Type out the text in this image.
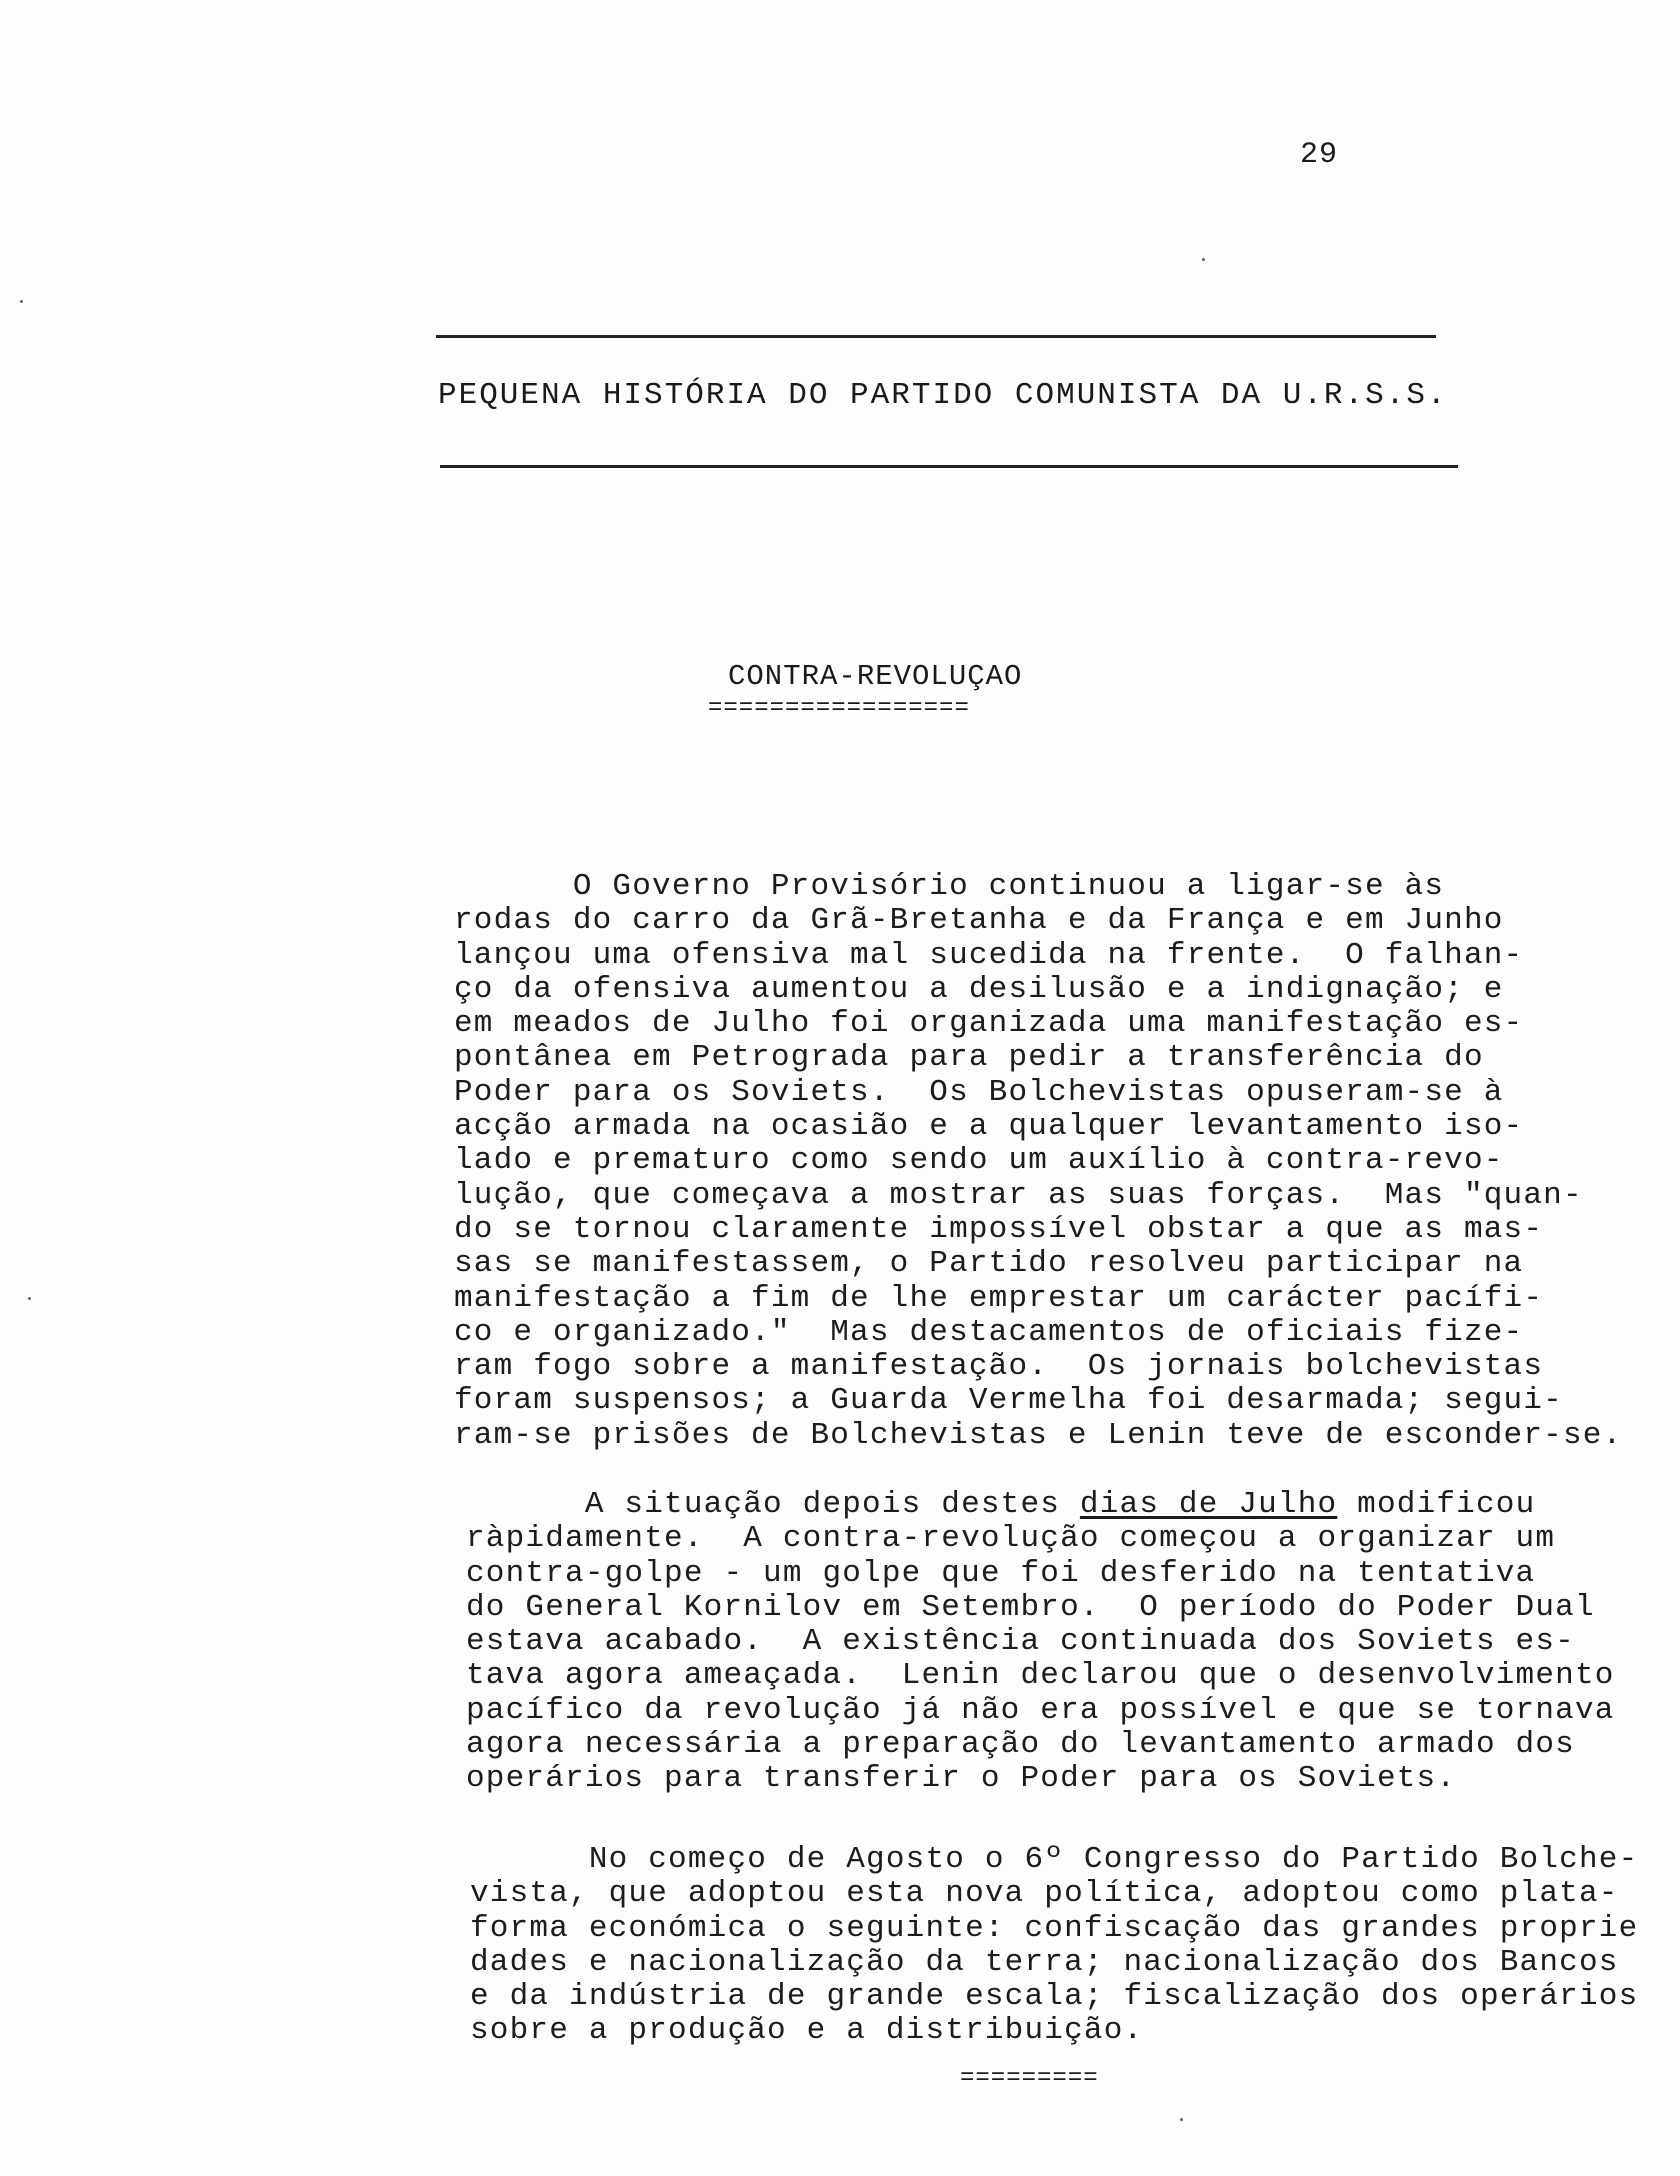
29
PEQUENA HISTÓRIA DO PARTIDO COMUNISTA DA U.R.S.S.
CONTRA-REVOLUÇAO
=================
O Governo Provisório continuou a ligar-se às
rodas do carro da Grã-Bretanha e da França e em Junho
lançou uma ofensiva mal sucedida na frente.  O falhan-
ço da ofensiva aumentou a desilusão e a indignação; e
em meados de Julho foi organizada uma manifestação es-
pontânea em Petrograda para pedir a transferência do
Poder para os Soviets.  Os Bolchevistas opuseram-se à
acção armada na ocasião e a qualquer levantamento iso-
lado e prematuro como sendo um auxílio à contra-revo-
lução, que começava a mostrar as suas forças.  Mas "quan-
do se tornou claramente impossível obstar a que as mas-
sas se manifestassem, o Partido resolveu participar na
manifestação a fim de lhe emprestar um carácter pacífi-
co e organizado."  Mas destacamentos de oficiais fize-
ram fogo sobre a manifestação.  Os jornais bolchevistas
foram suspensos; a Guarda Vermelha foi desarmada; segui-
ram-se prisões de Bolchevistas e Lenin teve de esconder-se.
A situação depois destes dias de Julho modificou
ràpidamente.  A contra-revolução começou a organizar um
contra-golpe - um golpe que foi desferido na tentativa
do General Kornilov em Setembro.  O período do Poder Dual
estava acabado.  A existência continuada dos Soviets es-
tava agora ameaçada.  Lenin declarou que o desenvolvimento
pacífico da revolução já não era possível e que se tornava
agora necessária a preparação do levantamento armado dos
operários para transferir o Poder para os Soviets.
No começo de Agosto o 6º Congresso do Partido Bolche-
vista, que adoptou esta nova política, adoptou como plata-
forma económica o seguinte: confiscação das grandes proprie
dades e nacionalização da terra; nacionalização dos Bancos
e da indústria de grande escala; fiscalização dos operários
sobre a produção e a distribuição.
=========
